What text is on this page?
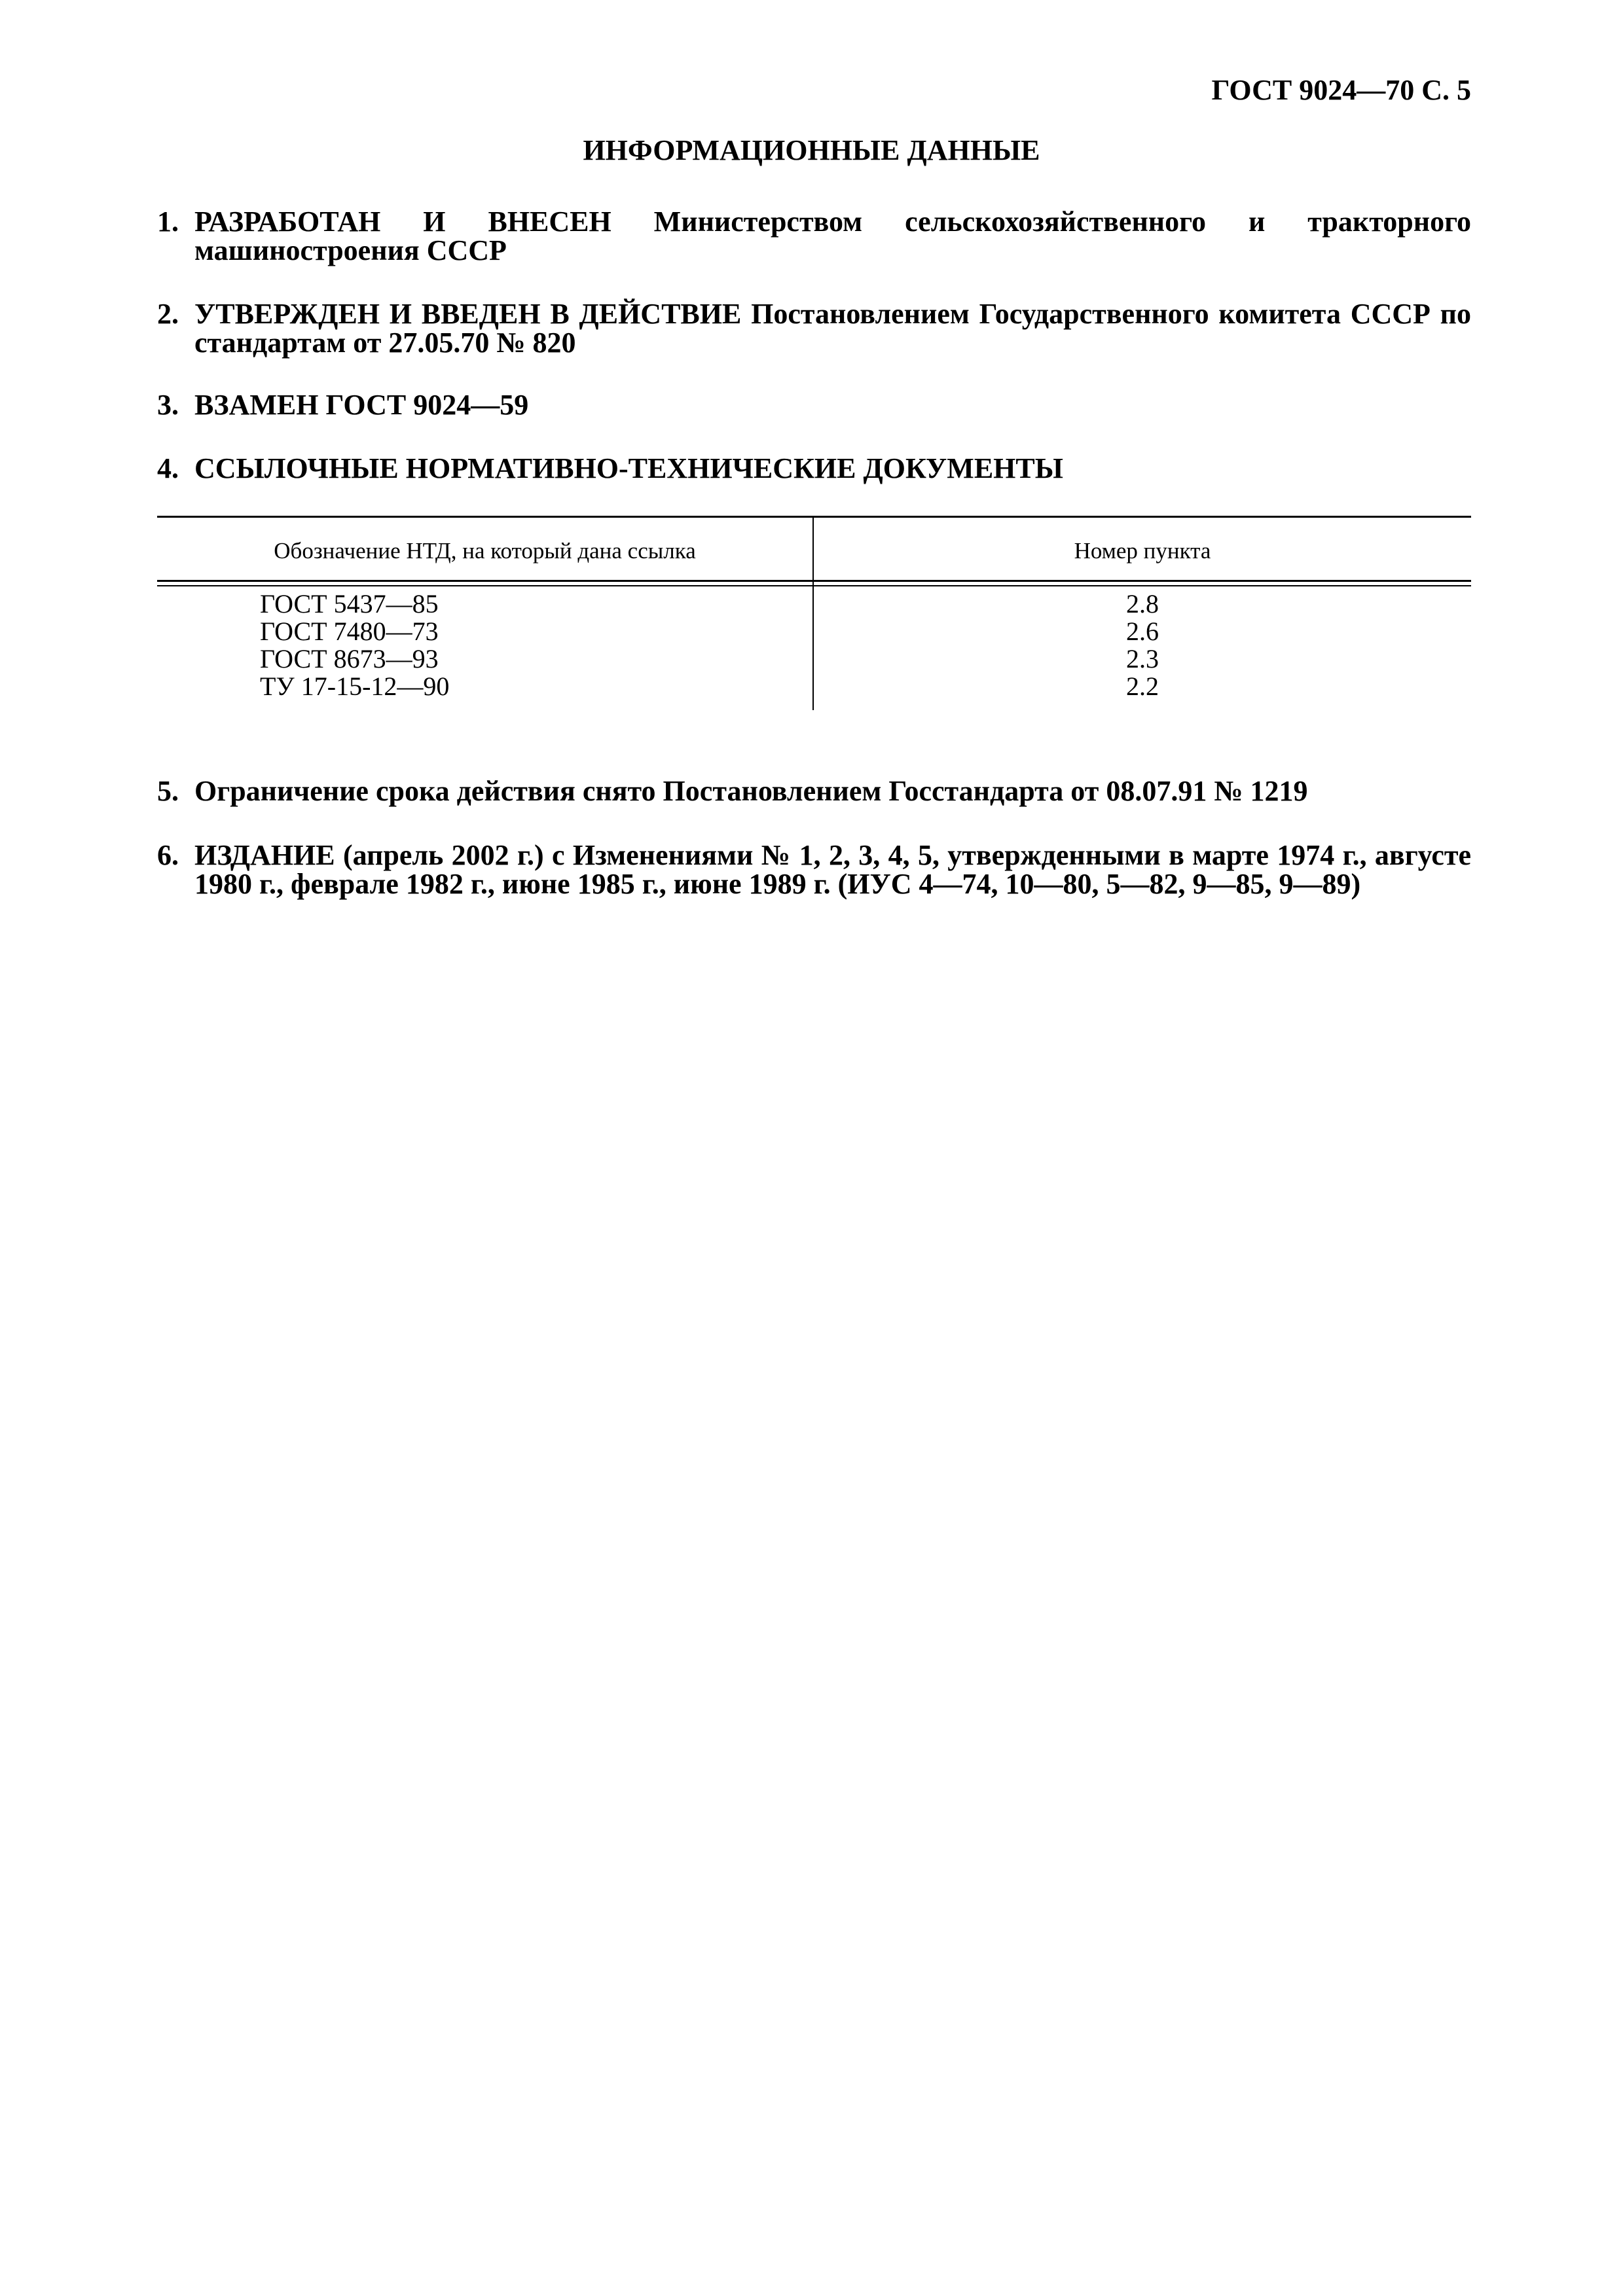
ГОСТ 9024—70 С. 5
ИНФОРМАЦИОННЫЕ ДАННЫЕ
1. РАЗРАБОТАН И ВНЕСЕН Министерством сельскохозяйственного и тракторного машиностроения СССР
2. УТВЕРЖДЕН И ВВЕДЕН В ДЕЙСТВИЕ Постановлением Государственного комитета СССР по стандартам от 27.05.70 № 820
3. ВЗАМЕН ГОСТ 9024—59
4. ССЫЛОЧНЫЕ НОРМАТИВНО-ТЕХНИЧЕСКИЕ ДОКУМЕНТЫ
Обозначение НТД, на который дана ссылка	Номер пункта
ГОСТ 5437—85	2.8
ГОСТ 7480—73	2.6
ГОСТ 8673—93	2.3
ТУ 17-15-12—90	2.2
5. Ограничение срока действия снято Постановлением Госстандарта от 08.07.91 № 1219
6. ИЗДАНИЕ (апрель 2002 г.) с Изменениями № 1, 2, 3, 4, 5, утвержденными в марте 1974 г., августе 1980 г., феврале 1982 г., июне 1985 г., июне 1989 г. (ИУС 4—74, 10—80, 5—82, 9—85, 9—89)
